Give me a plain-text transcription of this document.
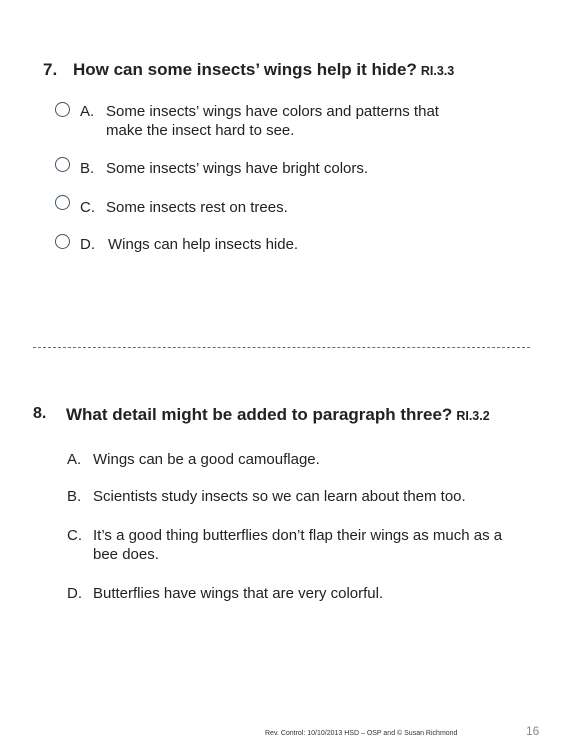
7. How can some insects’ wings help it hide? RI.3.3
A. Some insects’ wings have colors and patterns that
make the insect hard to see.
B. Some insects’ wings have bright colors.
C. Some insects rest on trees.
D. Wings can help insects hide.
8. What detail might be added to paragraph three? RI.3.2
A. Wings can be a good camouflage.
B. Scientists study insects so we can learn about them too.
C. It’s a good thing butterflies don’t flap their wings as much as a
bee does.
D. Butterflies have wings that are very colorful.
Rev. Control: 10/10/2013 HSD – OSP and © Susan Richmond	16
